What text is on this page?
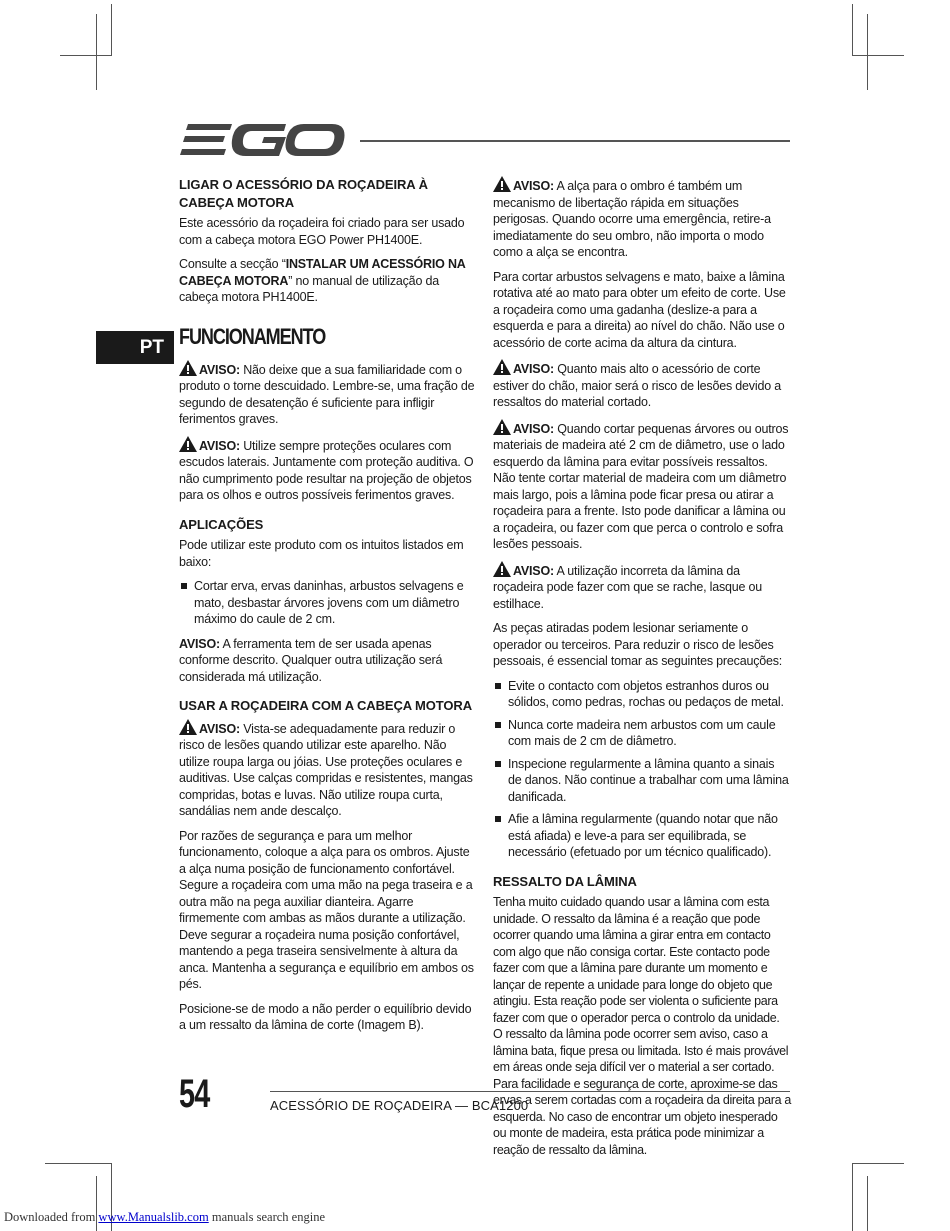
PT
LIGAR O ACESSÓRIO DA ROÇADEIRA À CABEÇA MOTORA

Este acessório da roçadeira foi criado para ser usado com a cabeça motora EGO Power PH1400E.

Consulte a secção “INSTALAR UM ACESSÓRIO NA CABEÇA MOTORA” no manual de utilização da cabeça motora PH1400E.

FUNCIONAMENTO

AVISO: Não deixe que a sua familiaridade com o produto o torne descuidado. Lembre-se, uma fração de segundo de desatenção é suficiente para infligir ferimentos graves.

AVISO: Utilize sempre proteções oculares com escudos laterais. Juntamente com proteção auditiva. O não cumprimento pode resultar na projeção de objetos para os olhos e outros possíveis ferimentos graves.

APLICAÇÕES

Pode utilizar este produto com os intuitos listados em baixo:

Cortar erva, ervas daninhas, arbustos selvagens e mato, desbastar árvores jovens com um diâmetro máximo do caule de 2 cm.

AVISO: A ferramenta tem de ser usada apenas conforme descrito. Qualquer outra utilização será considerada má utilização.

USAR A ROÇADEIRA COM A CABEÇA MOTORA

AVISO: Vista-se adequadamente para reduzir o risco de lesões quando utilizar este aparelho. Não utilize roupa larga ou jóias. Use proteções oculares e auditivas. Use calças compridas e resistentes, mangas compridas, botas e luvas. Não utilize roupa curta, sandálias nem ande descalço.

Por razões de segurança e para um melhor funcionamento, coloque a alça para os ombros. Ajuste a alça numa posição de funcionamento confortável. Segure a roçadeira com uma mão na pega traseira e a outra mão na pega auxiliar dianteira. Agarre firmemente com ambas as mãos durante a utilização. Deve segurar a roçadeira numa posição confortável, mantendo a pega traseira sensivelmente à altura da anca. Mantenha a segurança e equilíbrio em ambos os pés.

Posicione-se de modo a não perder o equilíbrio devido a um ressalto da lâmina de corte (Imagem B).

AVISO: A alça para o ombro é também um mecanismo de libertação rápida em situações perigosas. Quando ocorre uma emergência, retire-a imediatamente do seu ombro, não importa o modo como a alça se encontra.

Para cortar arbustos selvagens e mato, baixe a lâmina rotativa até ao mato para obter um efeito de corte. Use a roçadeira como uma gadanha (deslize-a para a esquerda e para a direita) ao nível do chão. Não use o acessório de corte acima da altura da cintura.

AVISO: Quanto mais alto o acessório de corte estiver do chão, maior será o risco de lesões devido a ressaltos do material cortado.

AVISO: Quando cortar pequenas árvores ou outros materiais de madeira até 2 cm de diâmetro, use o lado esquerdo da lâmina para evitar possíveis ressaltos. Não tente cortar material de madeira com um diâmetro mais largo, pois a lâmina pode ficar presa ou atirar a roçadeira para a frente. Isto pode danificar a lâmina ou a roçadeira, ou fazer com que perca o controlo e sofra lesões pessoais.

AVISO: A utilização incorreta da lâmina da roçadeira pode fazer com que se rache, lasque ou estilhace.

As peças atiradas podem lesionar seriamente o operador ou terceiros. Para reduzir o risco de lesões pessoais, é essencial tomar as seguintes precauções:

Evite o contacto com objetos estranhos duros ou sólidos, como pedras, rochas ou pedaços de metal.
Nunca corte madeira nem arbustos com um caule com mais de 2 cm de diâmetro.
Inspecione regularmente a lâmina quanto a sinais de danos. Não continue a trabalhar com uma lâmina danificada.
Afie a lâmina regularmente (quando notar que não está afiada) e leve-a para ser equilibrada, se necessário (efetuado por um técnico qualificado).
RESSALTO DA LÂMINA

Tenha muito cuidado quando usar a lâmina com esta unidade. O ressalto da lâmina é a reação que pode ocorrer quando uma lâmina a girar entra em contacto com algo que não consiga cortar. Este contacto pode fazer com que a lâmina pare durante um momento e lançar de repente a unidade para longe do objeto que atingiu. Esta reação pode ser violenta o suficiente para fazer com que o operador perca o controlo da unidade. O ressalto da lâmina pode ocorrer sem aviso, caso a lâmina bata, fique presa ou limitada. Isto é mais provável em áreas onde seja difícil ver o material a ser cortado. Para facilidade e segurança de corte, aproxime-se das ervas a serem cortadas com a roçadeira da direita para a esquerda. No caso de encontrar um objeto inesperado ou monte de madeira, esta prática pode minimizar a reação de ressalto da lâmina.

54	ACESSÓRIO DE ROÇADEIRA — BCA1200
Downloaded from www.Manualslib.com manuals search engine
